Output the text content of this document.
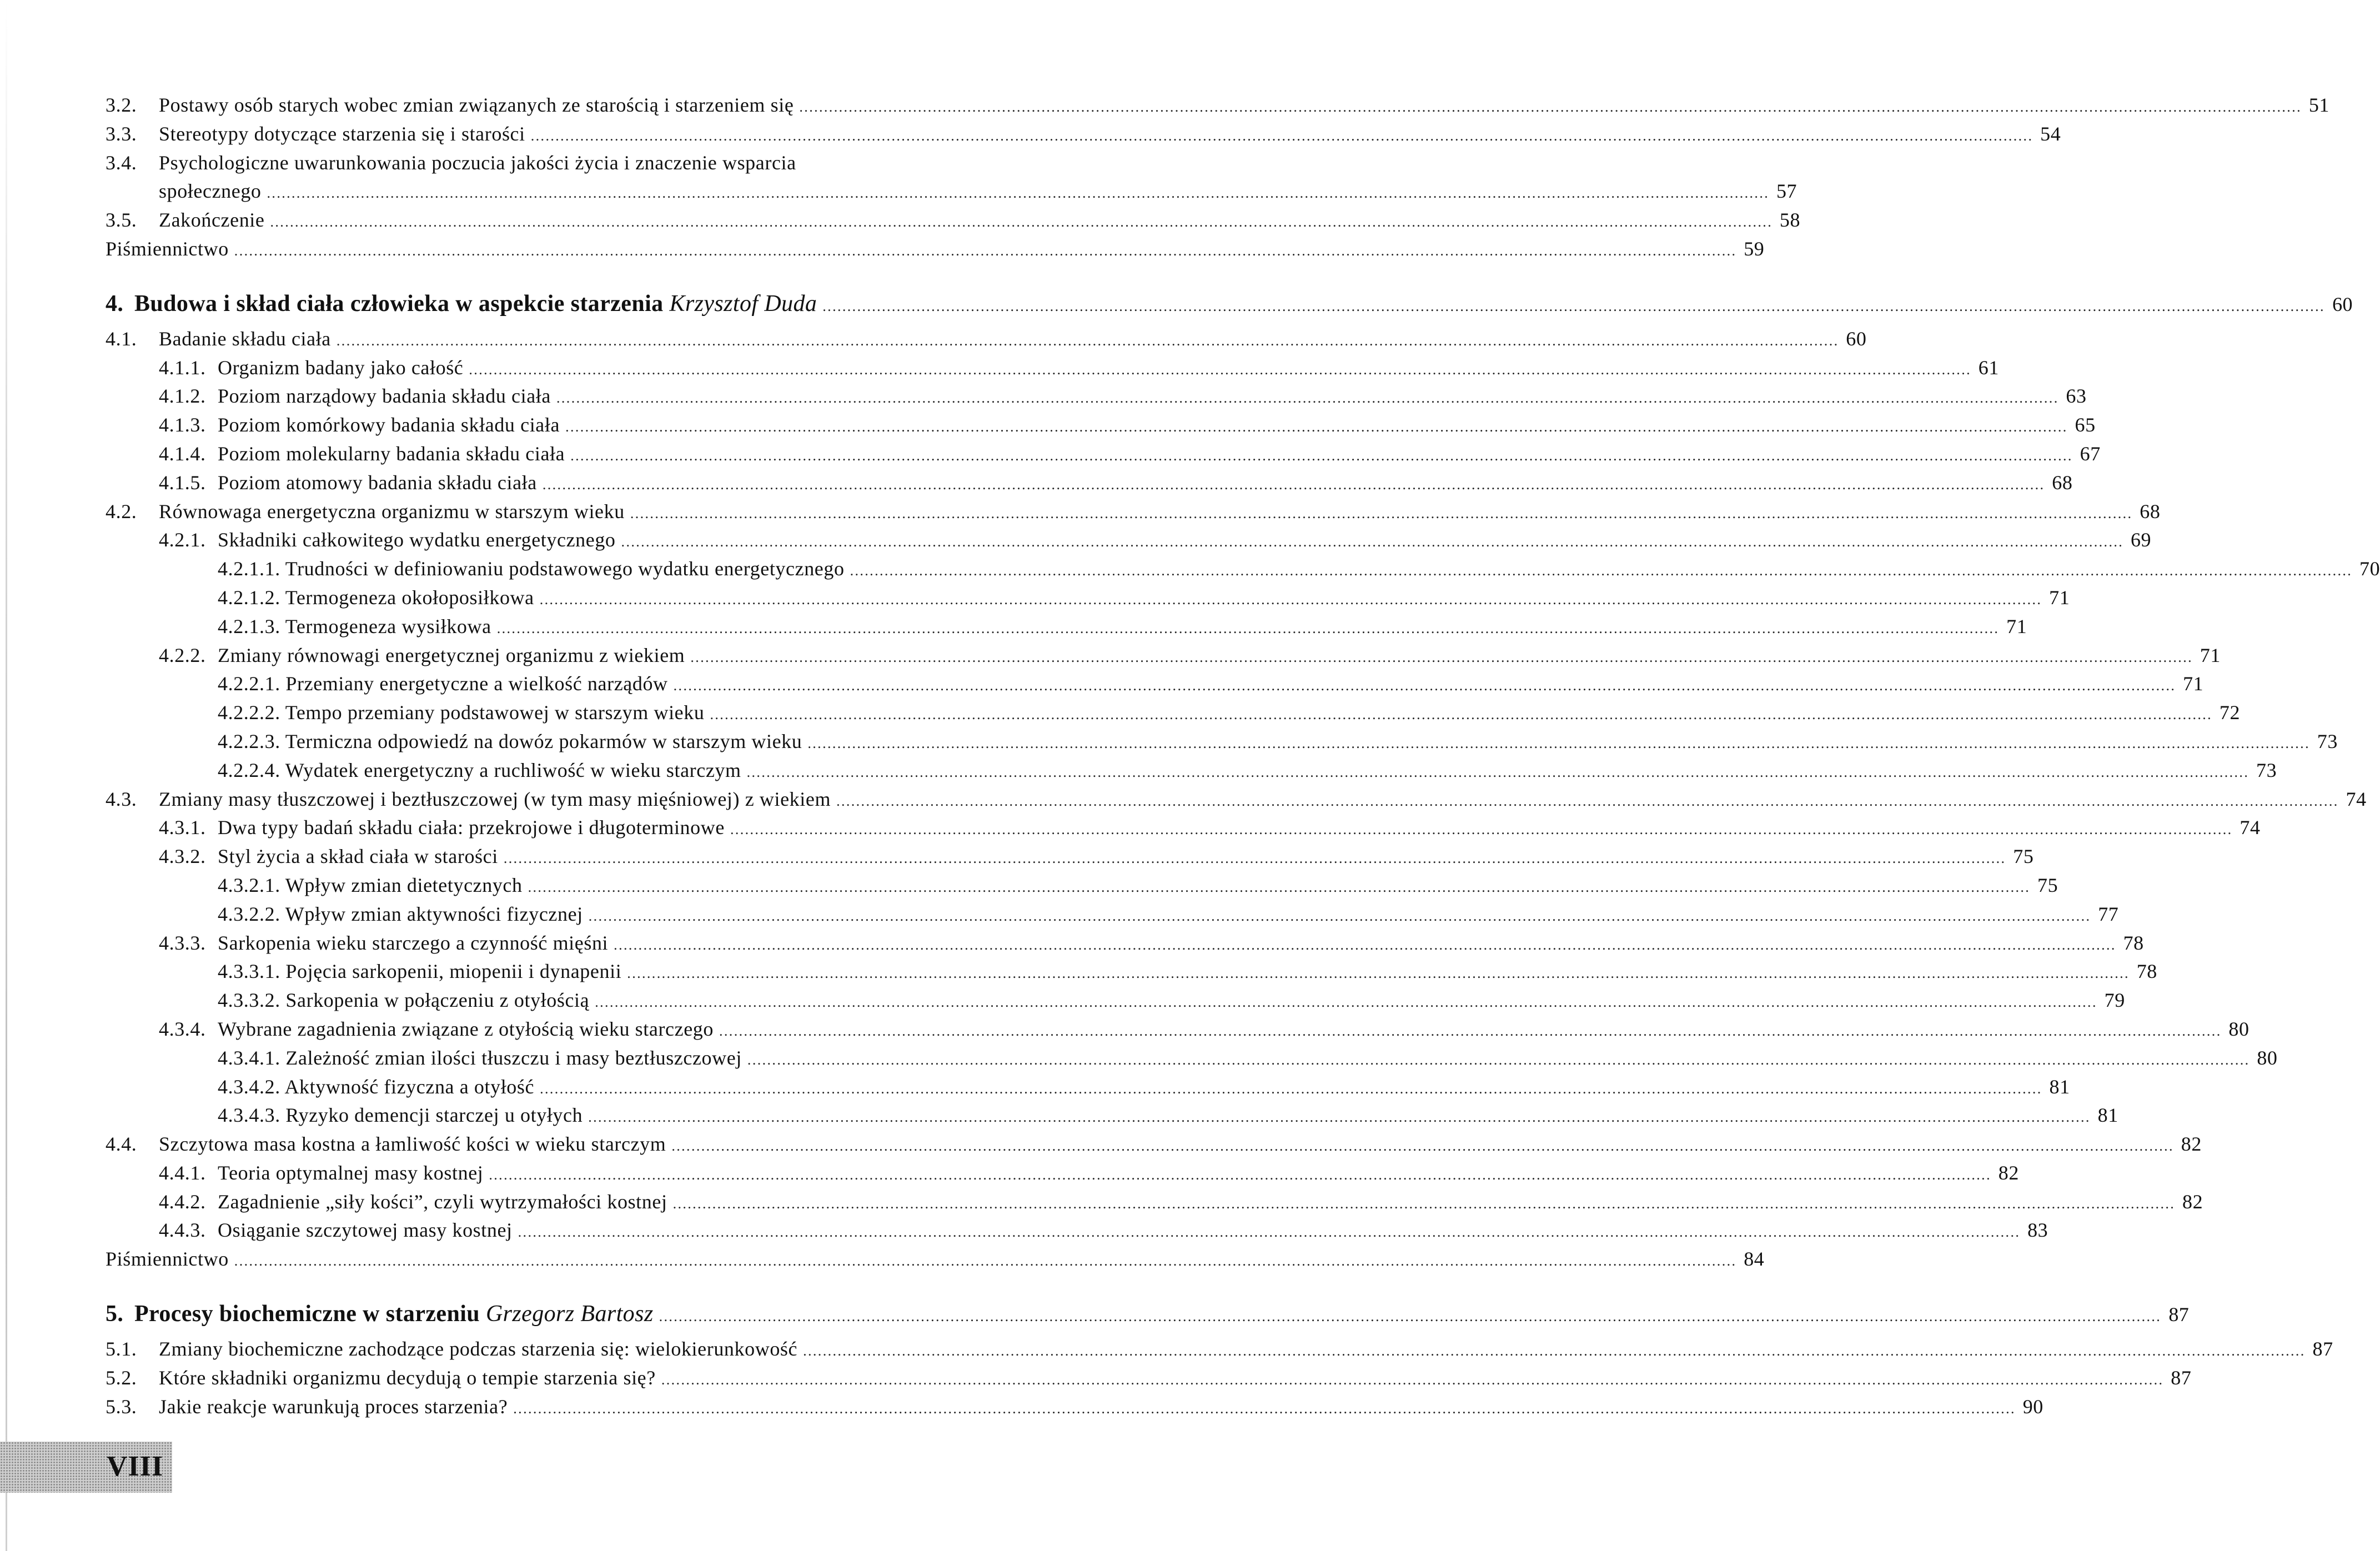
3.2.	Postawy osób starych wobec zmian związanych ze starością i starzeniem się .....	51
3.3.	Stereotypy dotyczące starzenia się i starości .....	54
3.4.	Psychologiczne uwarunkowania poczucia jakości życia i znaczenie wsparcia
społecznego .....	57
3.5.	Zakończenie .....	58
Piśmiennictwo .....	59
4. Budowa i skład ciała człowieka w aspekcie starzenia Krzysztof Duda .....	60
4.1.	Badanie składu ciała .....	60
4.1.1. Organizm badany jako całość .....	61
4.1.2. Poziom narządowy badania składu ciała .....	63
4.1.3. Poziom komórkowy badania składu ciała .....	65
4.1.4. Poziom molekularny badania składu ciała .....	67
4.1.5. Poziom atomowy badania składu ciała .....	68
4.2.	Równowaga energetyczna organizmu w starszym wieku .....	68
4.2.1. Składniki całkowitego wydatku energetycznego .....	69
4.2.1.1. Trudności w definiowaniu podstawowego wydatku energetycznego .....	70
4.2.1.2. Termogeneza okołoposiłkowa .....	71
4.2.1.3. Termogeneza wysiłkowa .....	71
4.2.2. Zmiany równowagi energetycznej organizmu z wiekiem .....	71
4.2.2.1. Przemiany energetyczne a wielkość narządów .....	71
4.2.2.2. Tempo przemiany podstawowej w starszym wieku .....	72
4.2.2.3. Termiczna odpowiedź na dowóz pokarmów w starszym wieku .....	73
4.2.2.4. Wydatek energetyczny a ruchliwość w wieku starczym .....	73
4.3.	Zmiany masy tłuszczowej i beztłuszczowej (w tym masy mięśniowej) z wiekiem .....	74
4.3.1. Dwa typy badań składu ciała: przekrojowe i długoterminowe .....	74
4.3.2. Styl życia a skład ciała w starości .....	75
4.3.2.1. Wpływ zmian dietetycznych .....	75
4.3.2.2. Wpływ zmian aktywności fizycznej .....	77
4.3.3. Sarkopenia wieku starczego a czynność mięśni .....	78
4.3.3.1. Pojęcia sarkopenii, miopenii i dynapenii .....	78
4.3.3.2. Sarkopenia w połączeniu z otyłością .....	79
4.3.4. Wybrane zagadnienia związane z otyłością wieku starczego .....	80
4.3.4.1. Zależność zmian ilości tłuszczu i masy beztłuszczowej .....	80
4.3.4.2. Aktywność fizyczna a otyłość .....	81
4.3.4.3. Ryzyko demencji starczej u otyłych .....	81
4.4.	Szczytowa masa kostna a łamliwość kości w wieku starczym .....	82
4.4.1. Teoria optymalnej masy kostnej .....	82
4.4.2. Zagadnienie „siły kości”, czyli wytrzymałości kostnej .....	82
4.4.3. Osiąganie szczytowej masy kostnej .....	83
Piśmiennictwo .....	84
5. Procesy biochemiczne w starzeniu Grzegorz Bartosz .....	87
5.1.	Zmiany biochemiczne zachodzące podczas starzenia się: wielokierunkowość .....	87
5.2.	Które składniki organizmu decydują o tempie starzenia się? .....	87
5.3.	Jakie reakcje warunkują proces starzenia? .....	90
VIII
